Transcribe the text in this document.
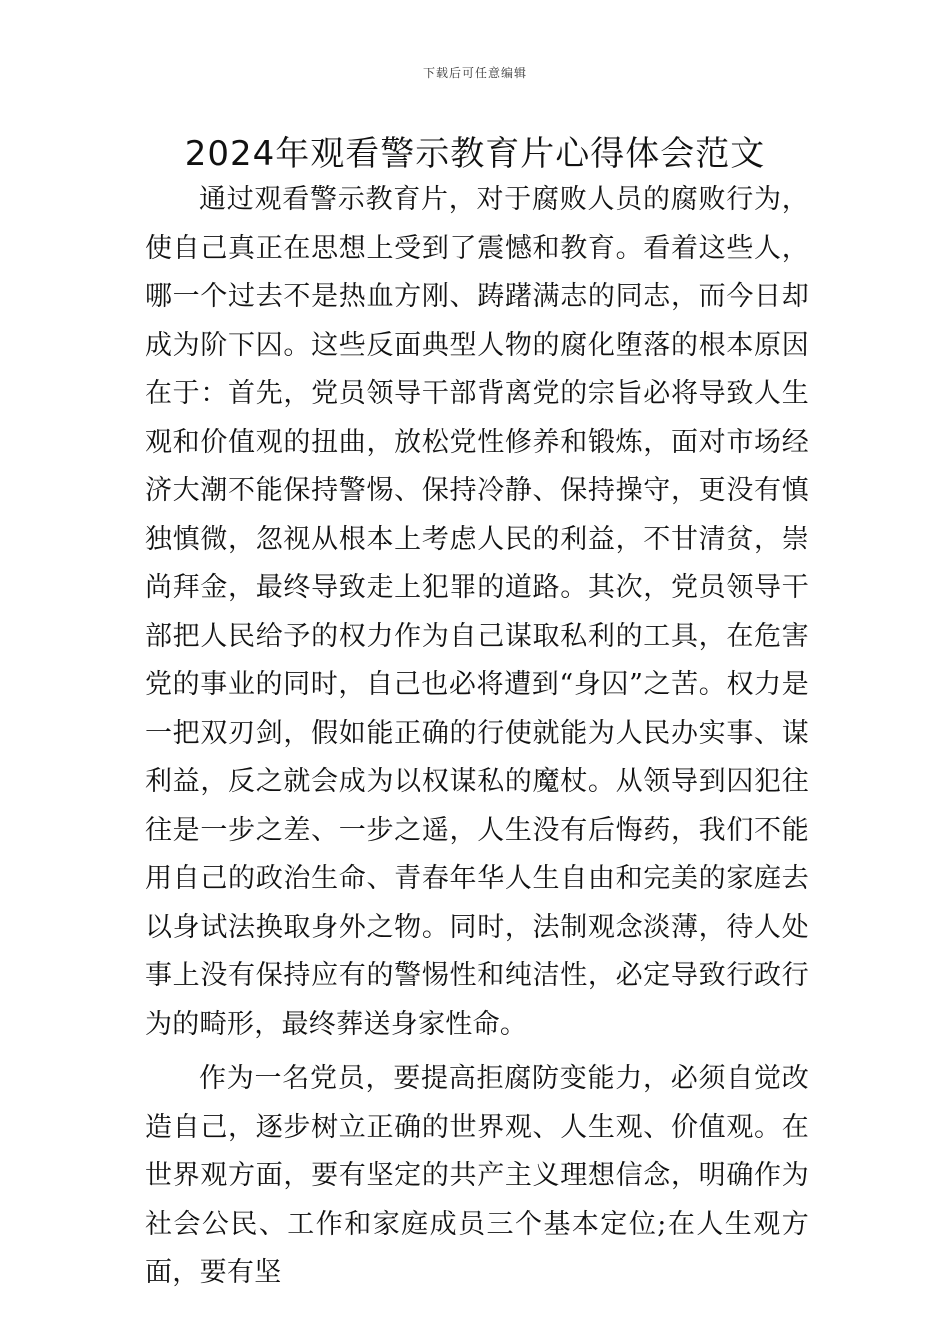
下载后可任意编辑
2024年观看警示教育片心得体会范文

通过观看警示教育片，对于腐败人员的腐败行为，使自己真正在思想上受到了震憾和教育。看着这些人，哪一个过去不是热血方刚、踌躇满志的同志，而今日却成为阶下囚。这些反面典型人物的腐化堕落的根本原因在于：首先，党员领导干部背离党的宗旨必将导致人生观和价值观的扭曲，放松党性修养和锻炼，面对市场经济大潮不能保持警惕、保持冷静、保持操守，更没有慎独慎微，忽视从根本上考虑人民的利益，不甘清贫，崇尚拜金，最终导致走上犯罪的道路。其次，党员领导干部把人民给予的权力作为自己谋取私利的工具，在危害党的事业的同时，自己也必将遭到“身囚”之苦。权力是一把双刃剑，假如能正确的行使就能为人民办实事、谋利益，反之就会成为以权谋私的魔杖。从领导到囚犯往往是一步之差、一步之遥，人生没有后悔药，我们不能用自己的政治生命、青春年华人生自由和完美的家庭去以身试法换取身外之物。同时，法制观念淡薄，待人处事上没有保持应有的警惕性和纯洁性，必定导致行政行为的畸形，最终葬送身家性命。

作为一名党员，要提高拒腐防变能力，必须自觉改造自己，逐步树立正确的世界观、人生观、价值观。在世界观方面，要有坚定的共产主义理想信念，明确作为社会公民、工作和家庭成员三个基本定位;在人生观方面，要有坚
